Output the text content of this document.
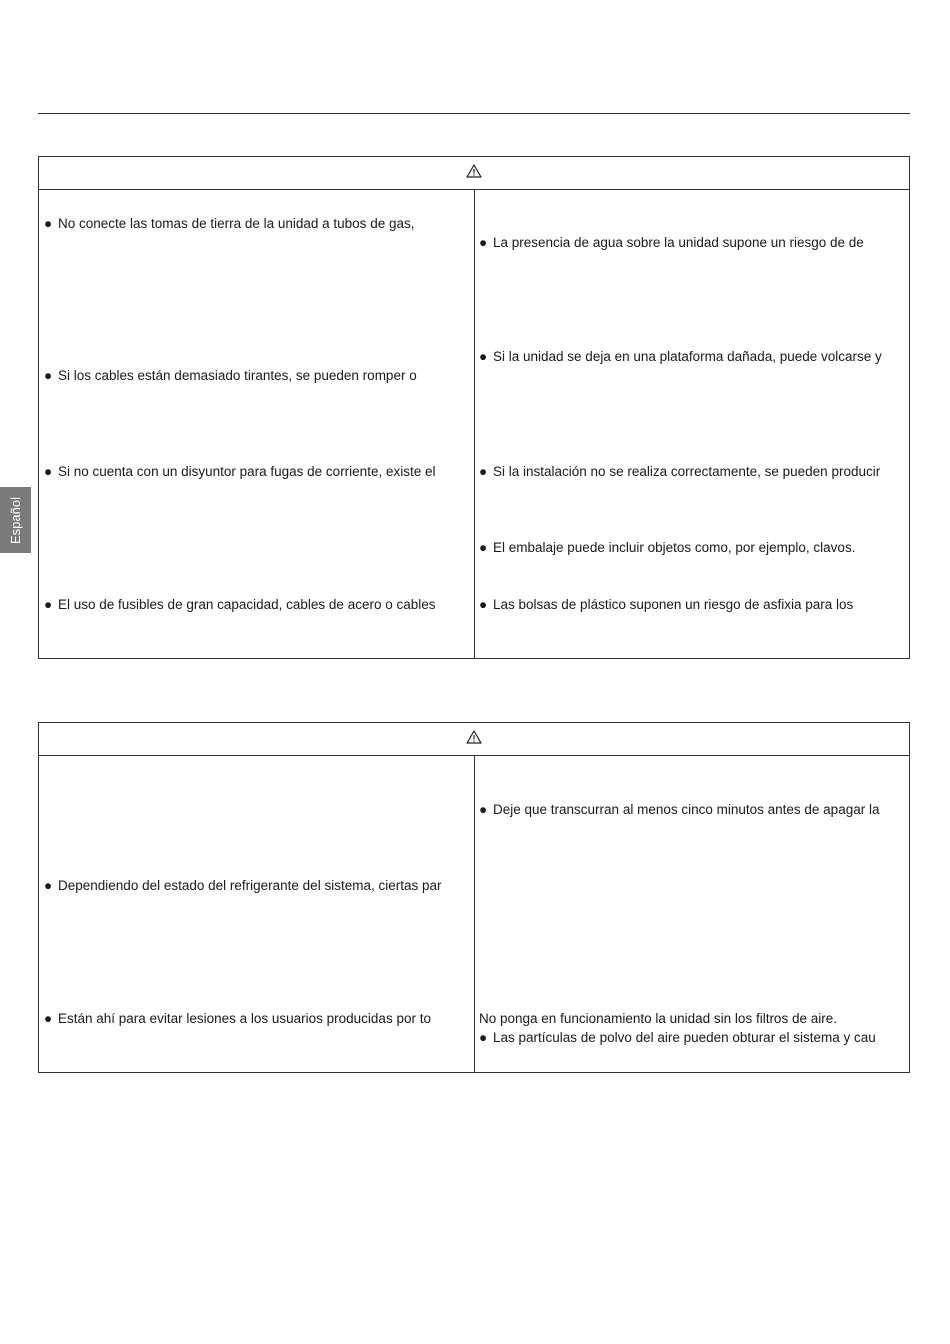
Español
● No conecte las tomas de tierra de la unidad a tubos de gas,
● Si los cables están demasiado tirantes, se pueden romper o
● Si no cuenta con un disyuntor para fugas de corriente, existe el
● El uso de fusibles de gran capacidad, cables de acero o cables
● La presencia de agua sobre la unidad supone un riesgo de de
● Si la unidad se deja en una plataforma dañada, puede volcarse y
● Si la instalación no se realiza correctamente, se pueden producir
● El embalaje puede incluir objetos como, por ejemplo, clavos.
● Las bolsas de plástico suponen un riesgo de asfixia para los
● Dependiendo del estado del refrigerante del sistema, ciertas par
● Están ahí para evitar lesiones a los usuarios producidas por to
● Deje que transcurran al menos cinco minutos antes de apagar la
No ponga en funcionamiento la unidad sin los filtros de aire.
● Las partículas de polvo del aire pueden obturar el sistema y cau
